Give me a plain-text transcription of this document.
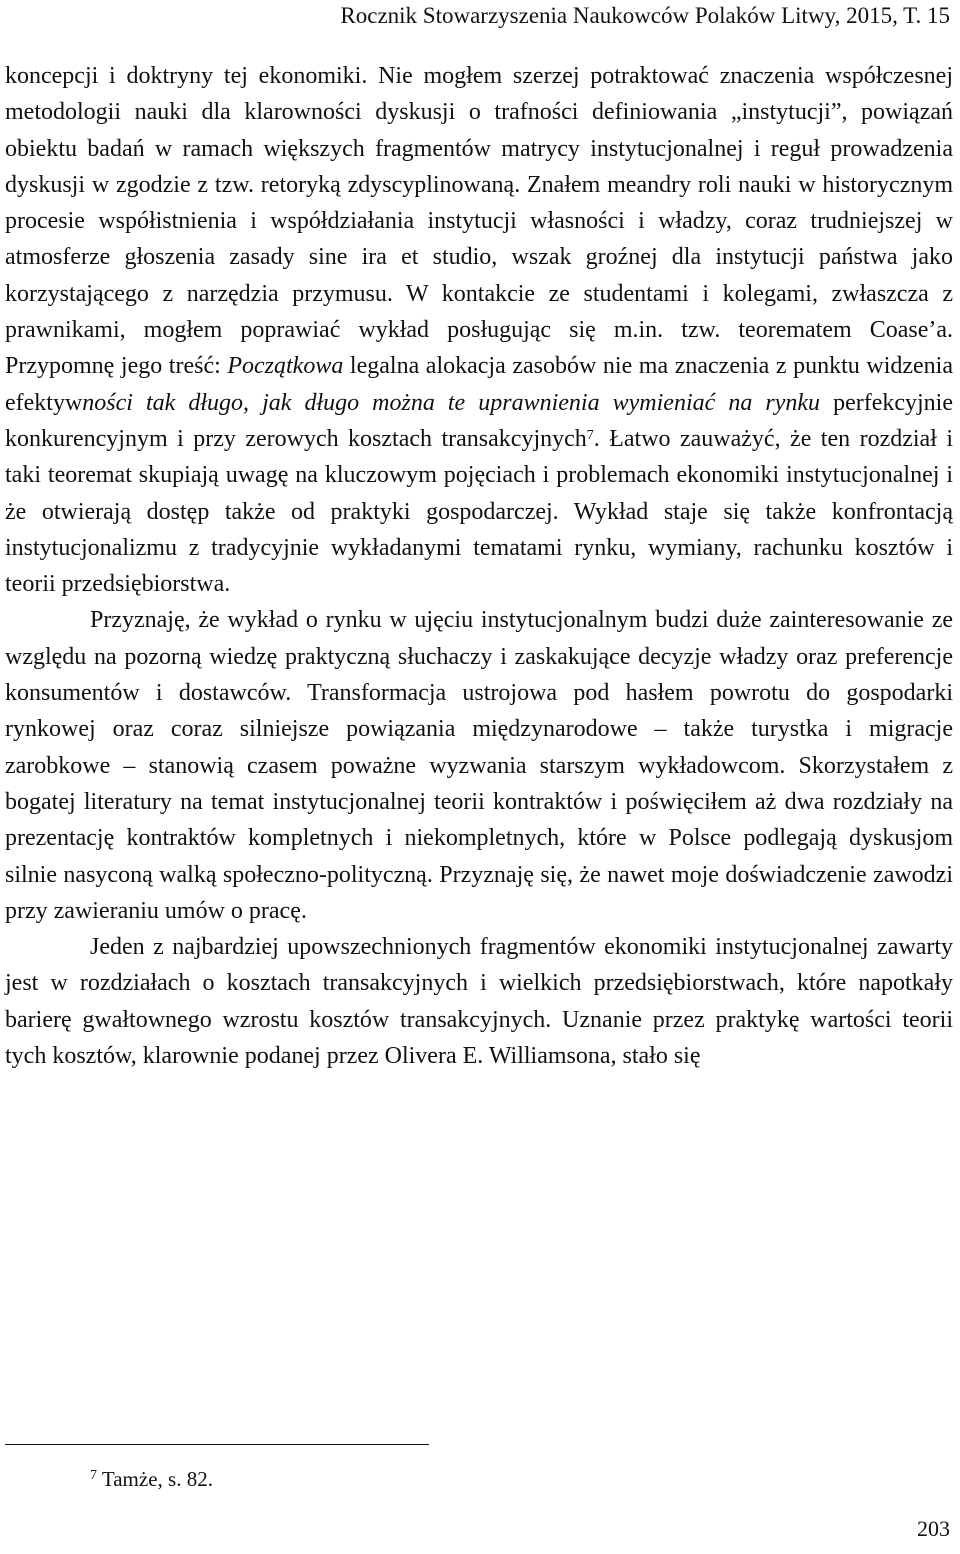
Rocznik Stowarzyszenia Naukowców Polaków Litwy, 2015, T. 15

koncepcji i doktryny tej ekonomiki. Nie mogłem szerzej potraktować znaczenia współczesnej metodologii nauki dla klarowności dyskusji o trafności definiowania „instytucji”, powiązań obiektu badań w ramach większych fragmentów matrycy instytucjonalnej i reguł prowadzenia dyskusji w zgodzie z tzw. retoryką zdyscyplinowaną. Znałem meandry roli nauki w historycznym procesie współistnienia i współdziałania instytucji własności i władzy, coraz trudniejszej w atmosferze głoszenia zasady sine ira et studio, wszak groźnej dla instytucji państwa jako korzystającego z narzędzia przymusu. W kontakcie ze studentami i kolegami, zwłaszcza z prawnikami, mogłem poprawiać wykład posługując się m.in. tzw. teorematem Coase’a. Przypomnę jego treść: Początkowa legalna alokacja zasobów nie ma znaczenia z punktu widzenia efektywności tak długo, jak długo można te uprawnienia wymieniać na rynku perfekcyjnie konkurencyjnym i przy zerowych kosztach transakcyjnych$^7$. Łatwo zauważyć, że ten rozdział i taki teoremat skupiają uwagę na kluczowym pojęciach i problemach ekonomiki instytucjonalnej i że otwierają dostęp także od praktyki gospodarczej. Wykład staje się także konfrontacją instytucjonalizmu z tradycyjnie wykładanymi tematami rynku, wymiany, rachunku kosztów i teorii przedsiębiorstwa.

Przyznaję, że wykład o rynku w ujęciu instytucjonalnym budzi duże zainteresowanie ze względu na pozorną wiedzę praktyczną słuchaczy i zaskakujące decyzje władzy oraz preferencje konsumentów i dostawców. Transformacja ustrojowa pod hasłem powrotu do gospodarki rynkowej oraz coraz silniejsze powiązania międzynarodowe – także turystka i migracje zarobkowe – stanowią czasem poważne wyzwania starszym wykładowcom. Skorzystałem z bogatej literatury na temat instytucjonalnej teorii kontraktów i poświęciłem aż dwa rozdziały na prezentację kontraktów kompletnych i niekompletnych, które w Polsce podlegają dyskusjom silnie nasyconą walką społeczno-polityczną. Przyznaję się, że nawet moje doświadczenie zawodzi przy zawieraniu umów o pracę.

Jeden z najbardziej upowszechnionych fragmentów ekonomiki instytucjonalnej zawarty jest w rozdziałach o kosztach transakcyjnych i wielkich przedsiębiorstwach, które napotkały barierę gwałtownego wzrostu kosztów transakcyjnych. Uznanie przez praktykę wartości teorii tych kosztów, klarownie podanej przez Olivera E. Williamsona, stało się

$^7$ Tamże, s. 82.
203
